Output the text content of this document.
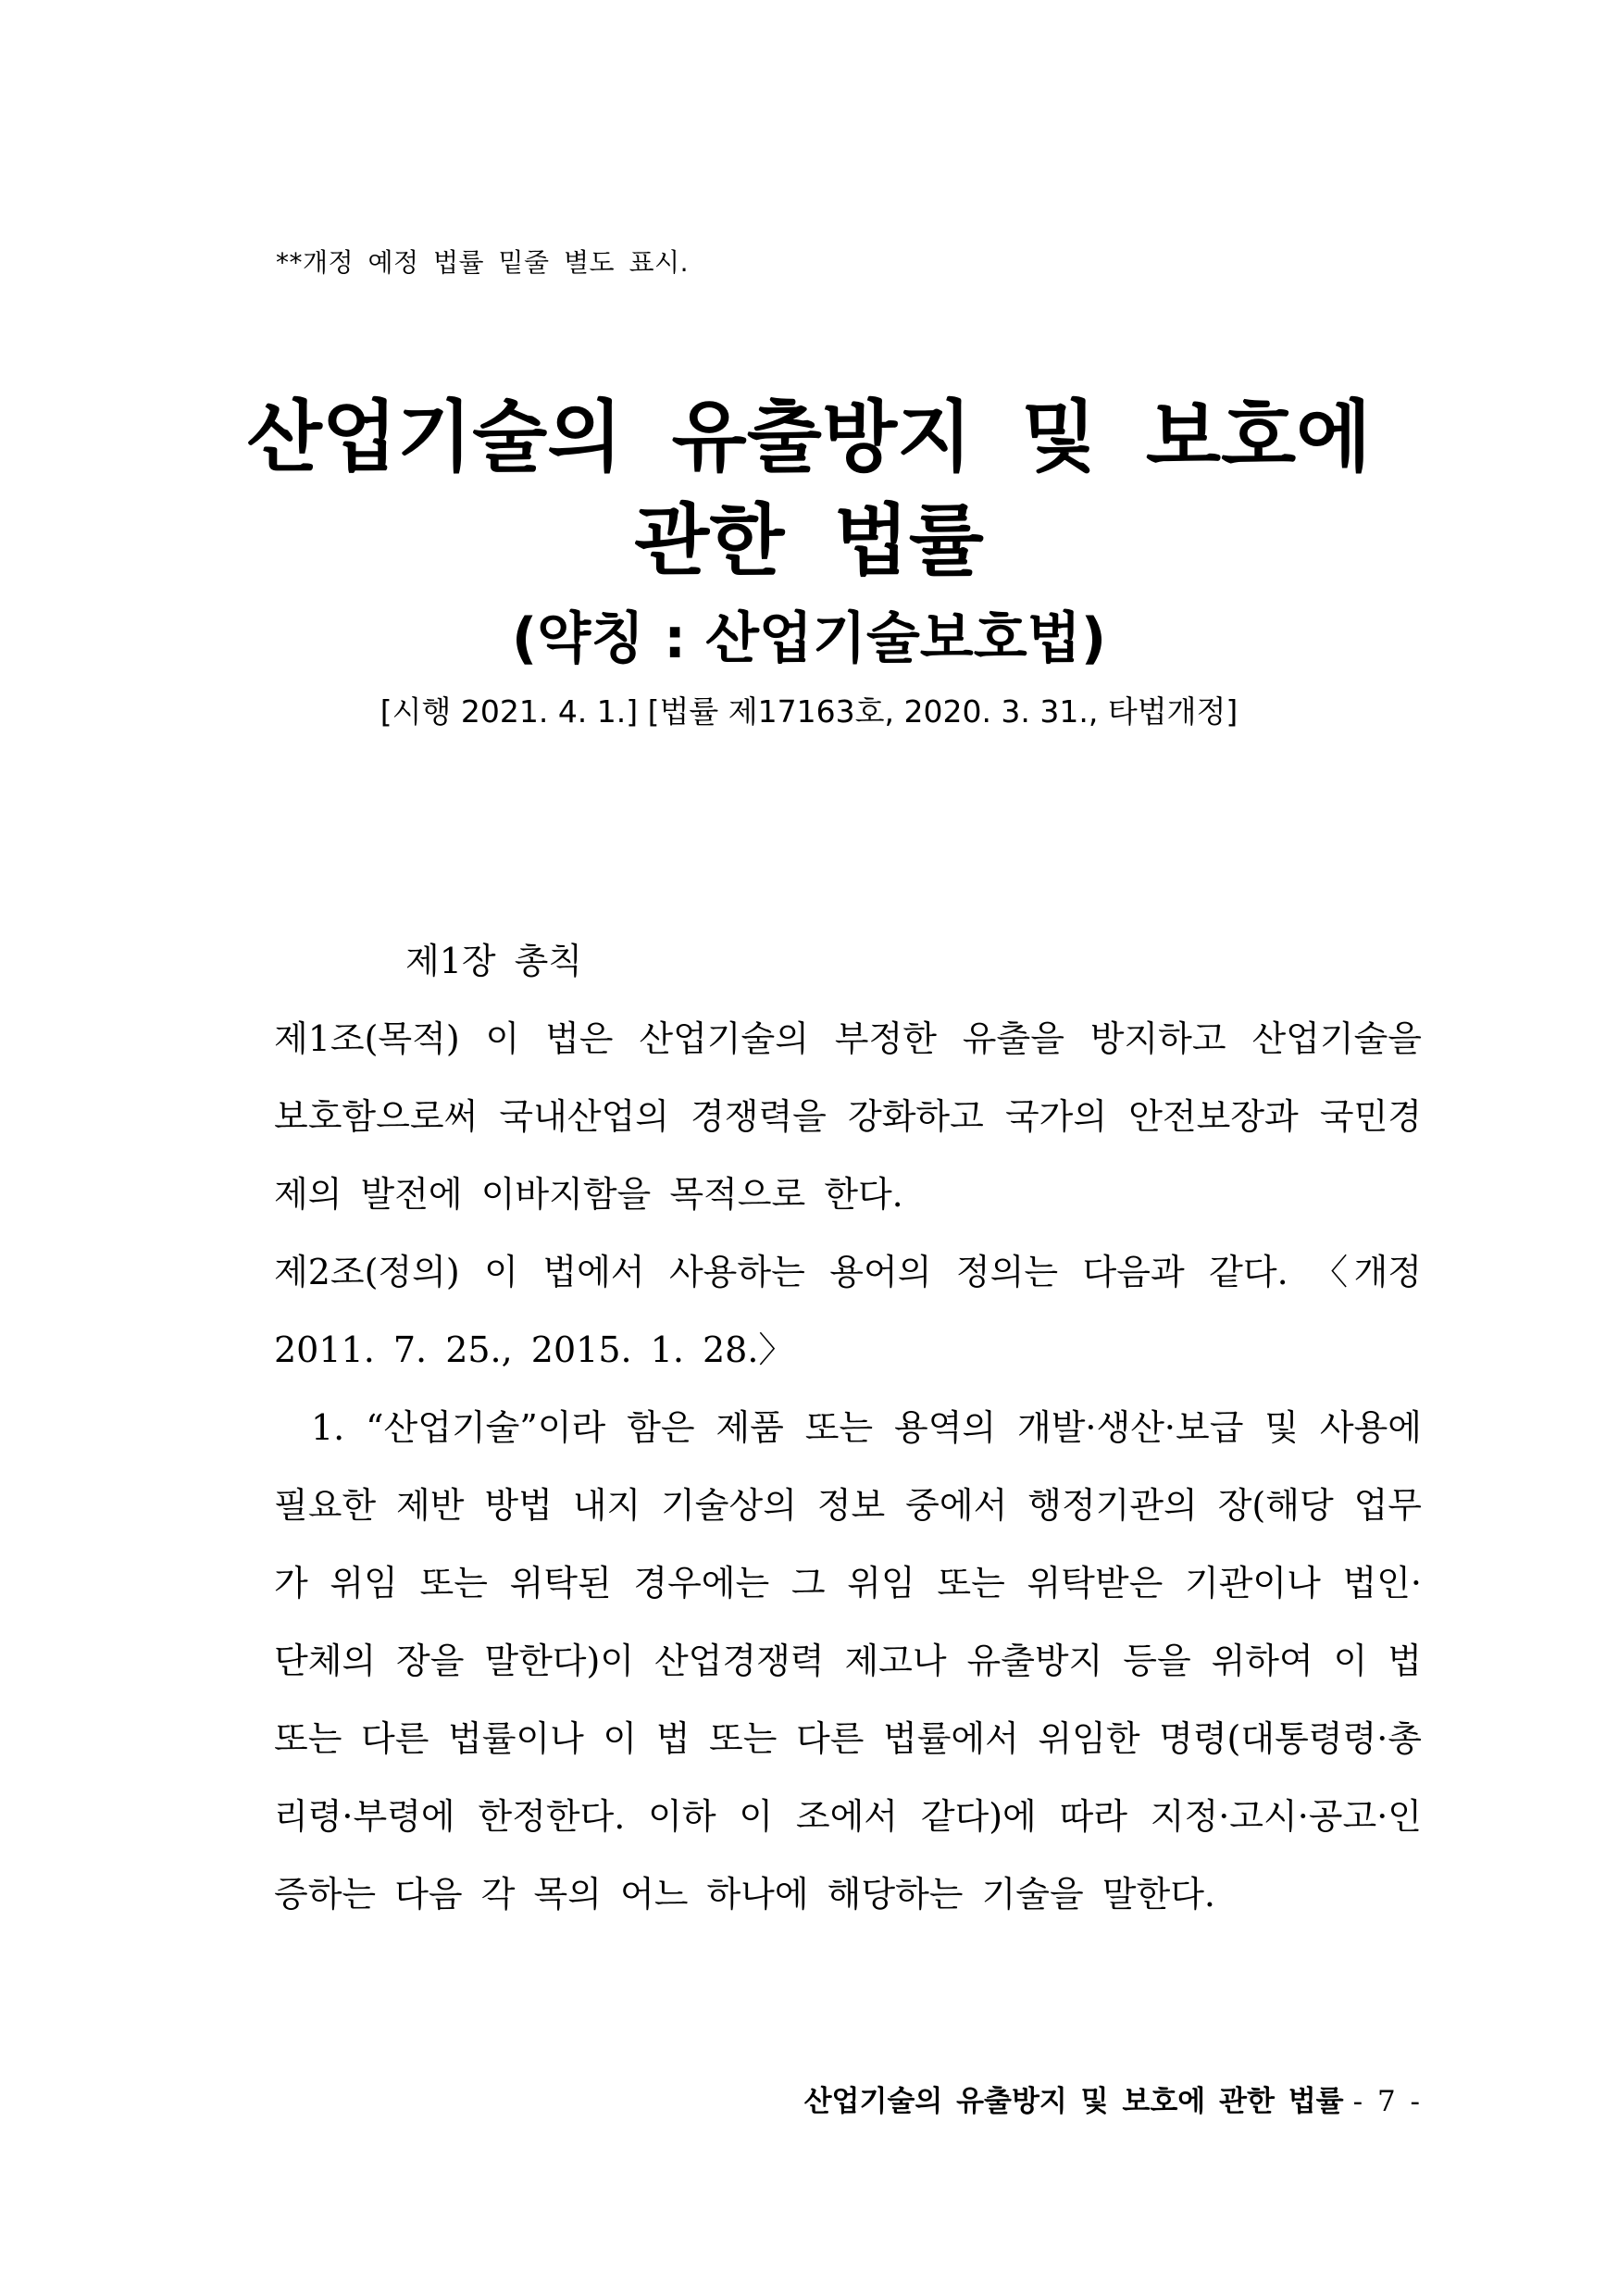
**개정 예정 법률 밑줄 별도 표시.
산업기술의 유출방지 및 보호에
관한 법률
(약칭 : 산업기술보호법)
[시행 2021. 4. 1.] [법률 제17163호, 2020. 3. 31., 타법개정]

제1장 총칙

제1조(목적) 이 법은 산업기술의 부정한 유출을 방지하고 산업기술을 보호함으로써 국내산업의 경쟁력을 강화하고 국가의 안전보장과 국민경제의 발전에 이바지함을 목적으로 한다.

제2조(정의) 이 법에서 사용하는 용어의 정의는 다음과 같다. 〈개정 2011. 7. 25., 2015. 1. 28.〉

1. “산업기술”이라 함은 제품 또는 용역의 개발·생산·보급 및 사용에 필요한 제반 방법 내지 기술상의 정보 중에서 행정기관의 장(해당 업무가 위임 또는 위탁된 경우에는 그 위임 또는 위탁받은 기관이나 법인·단체의 장을 말한다)이 산업경쟁력 제고나 유출방지 등을 위하여 이 법 또는 다른 법률이나 이 법 또는 다른 법률에서 위임한 명령(대통령령·총리령·부령에 한정한다. 이하 이 조에서 같다)에 따라 지정·고시·공고·인증하는 다음 각 목의 어느 하나에 해당하는 기술을 말한다.

산업기술의 유출방지 및 보호에 관한 법률 - 7 -
